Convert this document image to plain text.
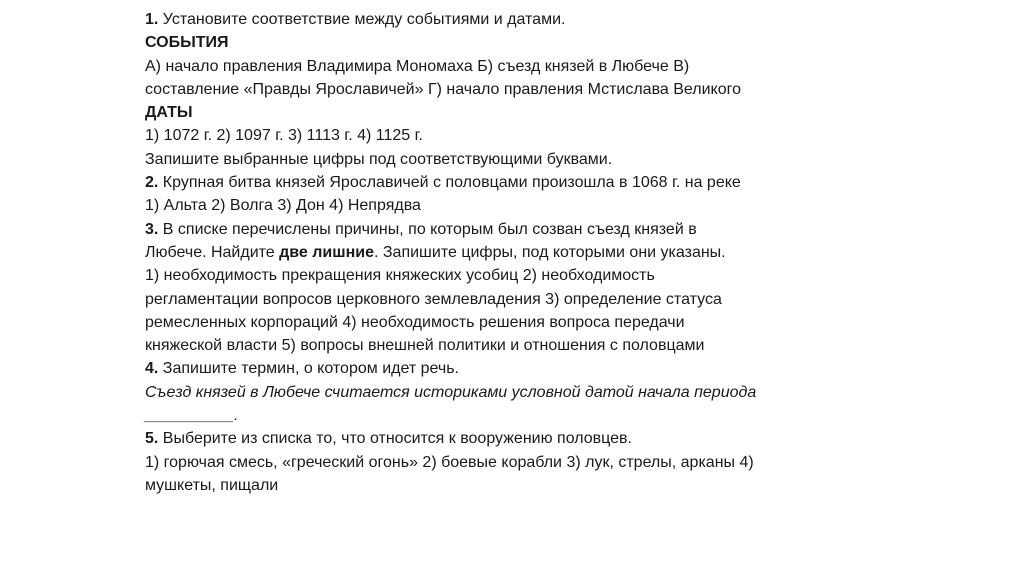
1. Установите соответствие между событиями и датами.

СОБЫТИЯ

А) начало правления Владимира Мономаха Б) съезд князей в Любече В)

составление «Правды Ярославичей» Г) начало правления Мстислава Великого

ДАТЫ

1) 1072 г. 2) 1097 г. 3) 1113 г. 4) 1125 г.

Запишите выбранные цифры под соответствующими буквами.

2. Крупная битва князей Ярославичей с половцами произошла в 1068 г. на реке

1) Альта 2) Волга 3) Дон 4) Непрядва

3. В списке перечислены причины, по которым был созван съезд князей в

Любече. Найдите две лишние. Запишите цифры, под которыми они указаны.

1) необходимость прекращения княжеских усобиц 2) необходимость

регламентации вопросов церковного землевладения 3) определение статуса

ремесленных корпораций 4) необходимость решения вопроса передачи

княжеской власти 5) вопросы внешней политики и отношения с половцами

4. Запишите термин, о котором идет речь.

Съезд князей в Любече считается историками условной датой начала периода

__________.

5. Выберите из списка то, что относится к вооружению половцев.

1) горючая смесь, «греческий огонь» 2) боевые корабли 3) лук, стрелы, арканы 4)

мушкеты, пищали
